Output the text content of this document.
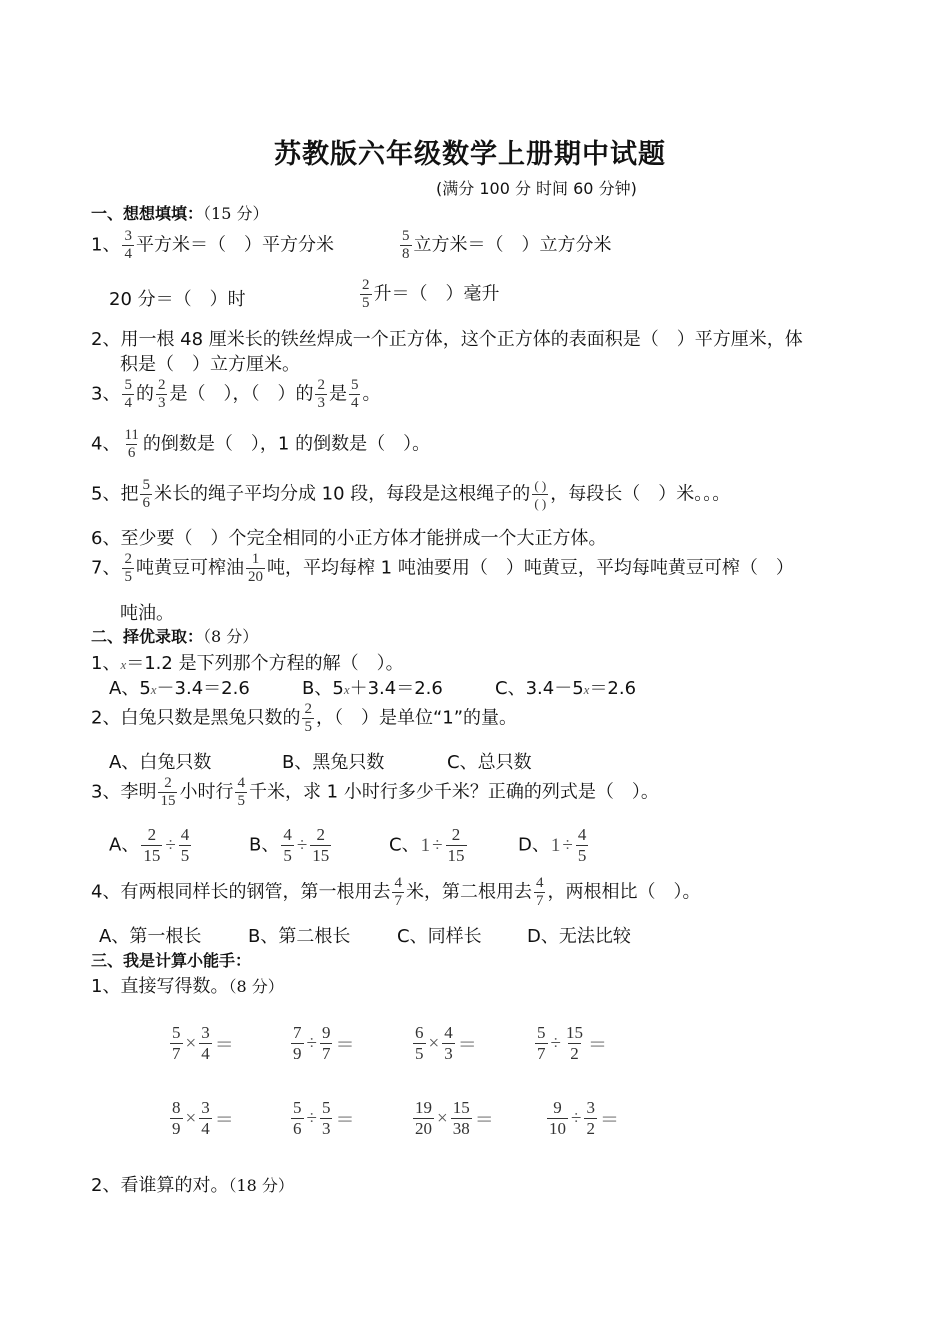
苏教版六年级数学上册期中试题
(满分 100 分 时间 60 分钟)
一、想想填填：（15 分）
1、 $\frac{3}{4}$ 平方米＝（　）平方分米	$\frac{5}{8}$ 立方米＝（　）立方分米
20 分＝（　）时	$\frac{2}{5}$ 升＝（　）毫升
2、用一根 48 厘米长的铁丝焊成一个正方体，这个正方体的表面积是（　）平方厘米，体
积是（　）立方厘米。
3、 $\frac{5}{4}$ 的 $\frac{2}{3}$ 是（　），（　）的 $\frac{2}{3}$ 是 $\frac{5}{4}$ 。
4、 $\frac{11}{6}$ 的倒数是（　），1 的倒数是（　）。
5、把 $\frac{5}{6}$ 米长的绳子平均分成 10 段，每段是这根绳子的 $\frac{( )}{( )}$ ，每段长（　）米。。。
6、至少要（　）个完全相同的小正方体才能拼成一个大正方体。
7、 $\frac{2}{5}$ 吨黄豆可榨油 $\frac{1}{20}$ 吨，平均每榨 1 吨油要用（　）吨黄豆，平均每吨黄豆可榨（　）
吨油。
二、择优录取：（8 分）
1、x＝1.2 是下列那个方程的解（　）。
A、5x－3.4＝2.6	B、5x＋3.4＝2.6	C、3.4－5x＝2.6
2、白兔只数是黑兔只数的 $\frac{2}{5}$ ，（　）是单位“1”的量。
A、白兔只数	B、黑兔只数	C、总只数
3、李明 $\frac{2}{15}$ 小时行 $\frac{4}{5}$ 千米，求 1 小时行多少千米？正确的列式是（　）。
A、 $\frac{2}{15} \div \frac{4}{5}$	B、 $\frac{4}{5} \div \frac{2}{15}$	C、$1 \div \frac{2}{15}$	D、$1 \div \frac{4}{5}$
4、有两根同样长的钢管，第一根用去 $\frac{4}{7}$ 米，第二根用去 $\frac{4}{7}$ ，两根相比（　）。
A、第一根长	B、第二根长	C、同样长	D、无法比较
三、我是计算小能手：
1、直接写得数。（8 分）
$\frac{5}{7} \times \frac{3}{4}$ ＝	$\frac{7}{9} \div \frac{9}{7}$ ＝	$\frac{6}{5} \times \frac{4}{3}$ ＝	$\frac{5}{7} \div \frac{15}{2}$ ＝
$\frac{8}{9} \times \frac{3}{4}$ ＝	$\frac{5}{6} \div \frac{5}{3}$ ＝	$\frac{19}{20} \times \frac{15}{38}$ ＝	$\frac{9}{10} \div \frac{3}{2}$ ＝
2、看谁算的对。（18 分）
